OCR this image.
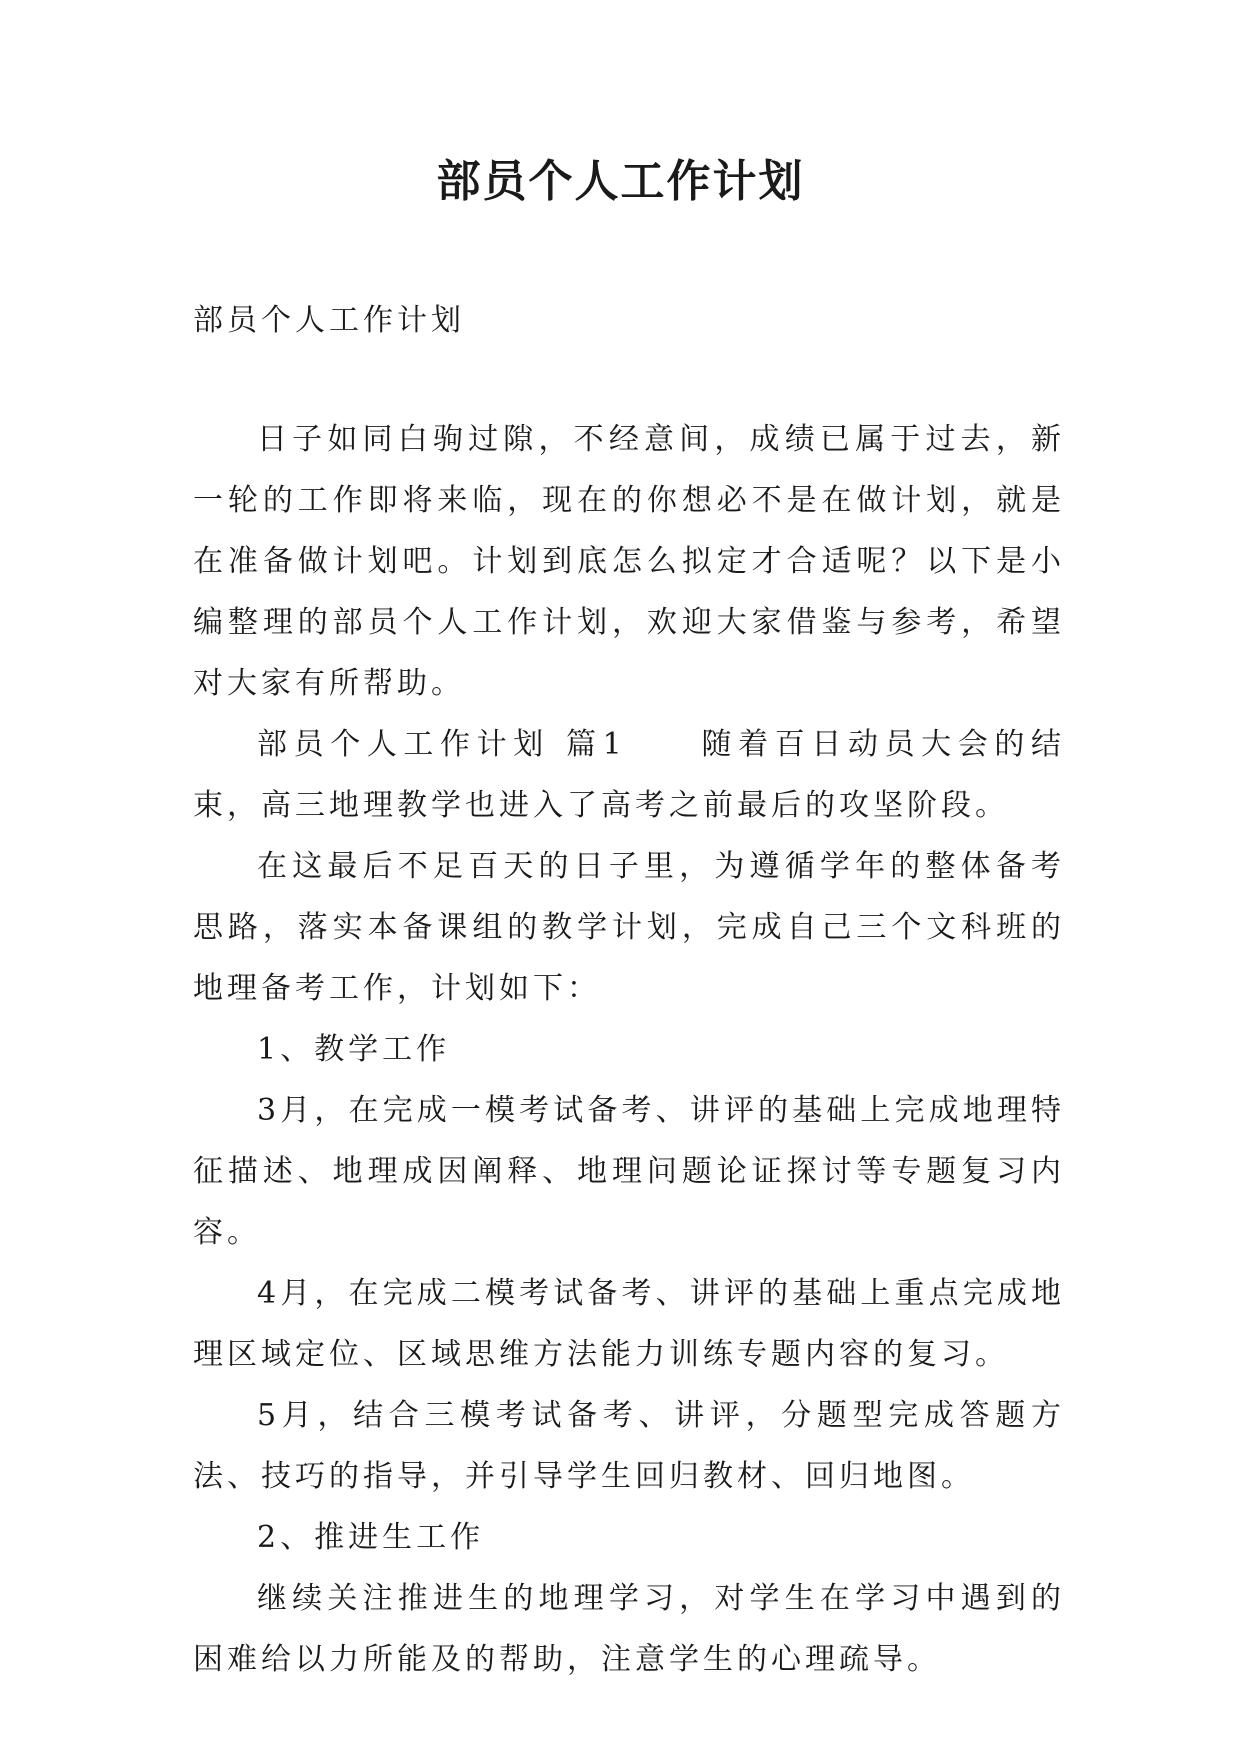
部员个人工作计划

部员个人工作计划

日子如同白驹过隙，不经意间，成绩已属于过去，新一轮的工作即将来临，现在的你想必不是在做计划，就是在准备做计划吧。计划到底怎么拟定才合适呢？以下是小编整理的部员个人工作计划，欢迎大家借鉴与参考，希望对大家有所帮助。

部员个人工作计划 篇1　　随着百日动员大会的结束，高三地理教学也进入了高考之前最后的攻坚阶段。

在这最后不足百天的日子里，为遵循学年的整体备考思路，落实本备课组的教学计划，完成自己三个文科班的地理备考工作，计划如下：

1、教学工作

3月，在完成一模考试备考、讲评的基础上完成地理特征描述、地理成因阐释、地理问题论证探讨等专题复习内容。

4月，在完成二模考试备考、讲评的基础上重点完成地理区域定位、区域思维方法能力训练专题内容的复习。

5月，结合三模考试备考、讲评，分题型完成答题方法、技巧的指导，并引导学生回归教材、回归地图。

2、推进生工作

继续关注推进生的地理学习，对学生在学习中遇到的困难给以力所能及的帮助，注意学生的心理疏导。
